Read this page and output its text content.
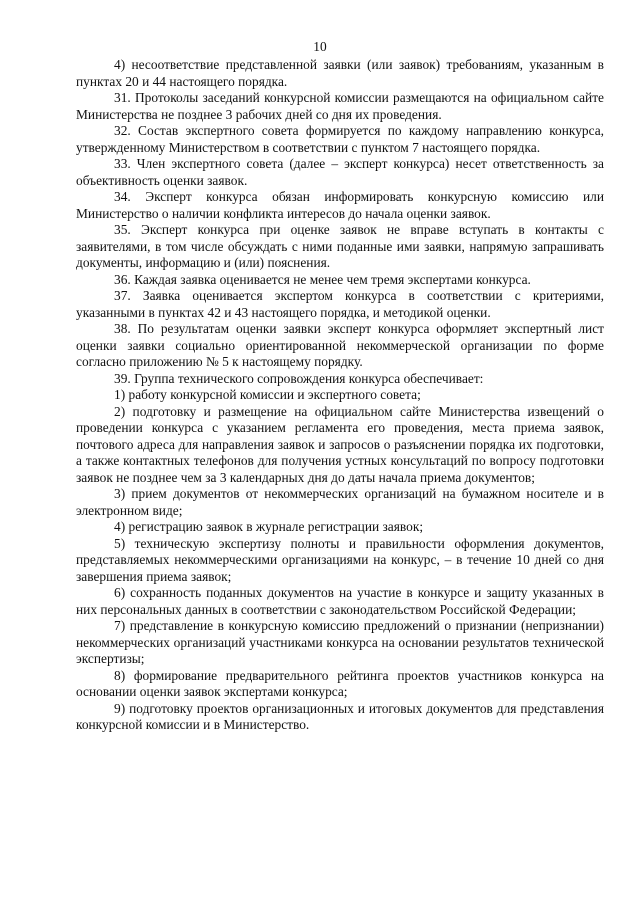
10

4) несоответствие представленной заявки (или заявок) требованиям, указанным в пунктах 20 и 44 настоящего порядка.

31. Протоколы заседаний конкурсной комиссии размещаются на официальном сайте Министерства не позднее 3 рабочих дней со дня их проведения.

32. Состав экспертного совета формируется по каждому направлению конкурса, утвержденному Министерством в соответствии с пунктом 7 настоящего порядка.

33. Член экспертного совета (далее – эксперт конкурса) несет ответственность за объективность оценки заявок.

34. Эксперт конкурса обязан информировать конкурсную комиссию или Министерство о наличии конфликта интересов до начала оценки заявок.

35. Эксперт конкурса при оценке заявок не вправе вступать в контакты с заявителями, в том числе обсуждать с ними поданные ими заявки, напрямую запрашивать документы, информацию и (или) пояснения.

36. Каждая заявка оценивается не менее чем тремя экспертами конкурса.

37. Заявка оценивается экспертом конкурса в соответствии с критериями, указанными в пунктах 42 и 43 настоящего порядка, и методикой оценки.

38. По результатам оценки заявки эксперт конкурса оформляет экспертный лист оценки заявки социально ориентированной некоммерческой организации по форме согласно приложению № 5 к настоящему порядку.

39. Группа технического сопровождения конкурса обеспечивает:

1) работу конкурсной комиссии и экспертного совета;

2) подготовку и размещение на официальном сайте Министерства извещений о проведении конкурса с указанием регламента его проведения, места приема заявок, почтового адреса для направления заявок и запросов о разъяснении порядка их подготовки, а также контактных телефонов для получения устных консультаций по вопросу подготовки заявок не позднее чем за 3 календарных дня до даты начала приема документов;

3) прием документов от некоммерческих организаций на бумажном носителе и в электронном виде;

4) регистрацию заявок в журнале регистрации заявок;

5) техническую экспертизу полноты и правильности оформления документов, представляемых некоммерческими организациями на конкурс, – в течение 10 дней со дня завершения приема заявок;

6) сохранность поданных документов на участие в конкурсе и защиту указанных в них персональных данных в соответствии с законодательством Российской Федерации;

7) представление в конкурсную комиссию предложений о признании (непризнании) некоммерческих организаций участниками конкурса на основании результатов технической экспертизы;

8) формирование предварительного рейтинга проектов участников конкурса на основании оценки заявок экспертами конкурса;

9) подготовку проектов организационных и итоговых документов для представления конкурсной комиссии и в Министерство.
